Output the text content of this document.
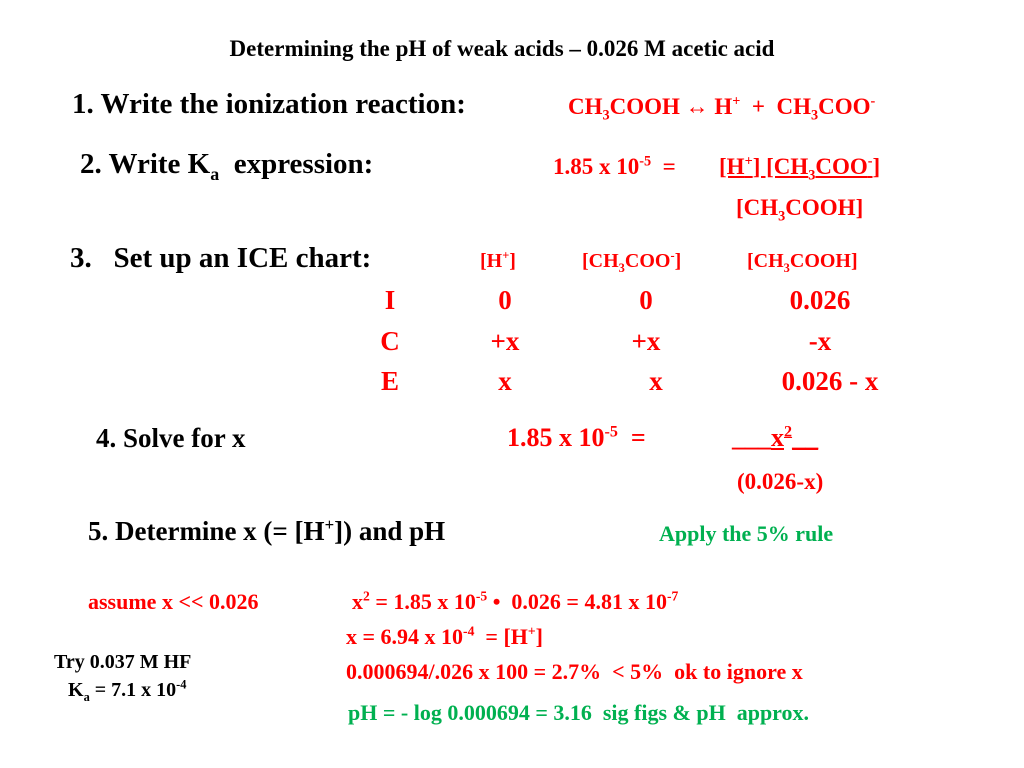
Determining the pH of weak acids – 0.026 M acetic acid
1. Write the ionization reaction:	$CH_3COOH$ ↔ $H^+ + CH_3COO^-$
2. Write $K_a$  expression:	1.85 x $10^{-5} = [H^+]$ $[CH_3COO^-]$
$[CH_3COOH]$
3.   Set up an ICE chart:	[H+]	$[CH_3COO^-]$	$[CH_3COOH]$
I	0	0	0.026
C	+x	+x	-x
E	x	x	0.026 - x
4. Solve for x	1.85 x $10^{-5}$ =	$\_\_\_x^2\_\_$
(0.026-x)
5. Determine x (= [H+]) and pH	Apply the 5% rule
assume x << 0.026	$x^2 = 1.85$ x $10^{-5}$ •  0.026 = 4.81 x $10^{-7}$
x = 6.94 x $10^{-4} = [H^+]$
0.000694/.026 x 100 = 2.7%  < 5%  ok to ignore x
pH = - log 0.000694 = 3.16  sig figs & pH  approx.
Try 0.037 M HF
$K_a = 7.1$ x $10^{-4}$
